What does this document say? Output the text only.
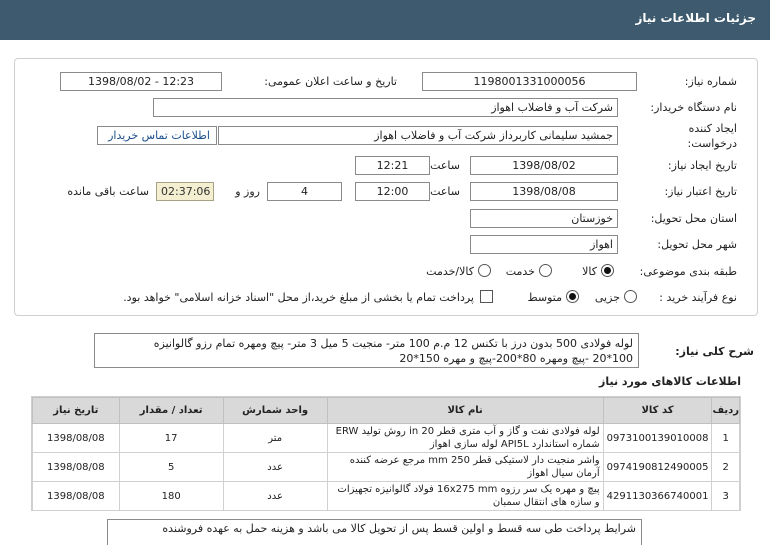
جزئیات اطلاعات نیاز
شماره نیاز:
1198001331000056
تاریخ و ساعت اعلان عمومی:
1398/08/02 - 12:23
نام دستگاه خریدار:
شرکت آب و فاضلاب اهواز
ایجاد کننده
درخواست:
جمشید سلیمانی کاربرداز شرکت آب و فاضلاب اهواز
اطلاعات تماس خریدار
تاریخ ایجاد نیاز:
1398/08/02
ساعت
12:21
تاریخ اعتبار نیاز:
1398/08/08
ساعت
12:00
4
روز و
02:37:06
ساعت باقی مانده
استان محل تحویل:
خوزستان
شهر محل تحویل:
اهواز
طبقه بندی موضوعی:
کالا
خدمت
کالا/خدمت
نوع فرآیند خرید :
جزیی
متوسط
پرداخت تمام یا بخشی از مبلغ خرید،از محل "اسناد خزانه اسلامی" خواهد بود.
شرح کلی نیاز:
لوله فولادی 500 بدون درز با تکنس 12 م.م 100 متر- منجیت 5 میل 3 متر- پیچ ومهره تمام رزو گالوانیزه
100*20 -پیچ ومهره 80*200-پیچ و مهره 150*20
اطلاعات کالاهای مورد نیاز
ردیف	کد کالا	نام کالا	واحد شمارش	تعداد / مقدار	تاریخ نیاز
1	0973100139010008	لوله فولادی نفت و گاز و آب متری قطر 20 in روش تولید ERW
شماره استاندارد API5L لوله سازی اهواز	متر	17	1398/08/08
2	0974190812490005	واشر منجیت دار لاستیکی قطر 250 mm مرجع عرضه کننده
آرمان سیال اهواز	عدد	5	1398/08/08
3	4291130366740001	پیچ و مهره یک سر رزوه 16x275 mm فولاد گالوانیزه تجهیزات
و سازه های انتقال سمبان	عدد	180	1398/08/08
شرایط پرداخت طی سه قسط و اولین قسط پس از تحویل کالا می باشد و هزینه حمل به عهده فروشنده
